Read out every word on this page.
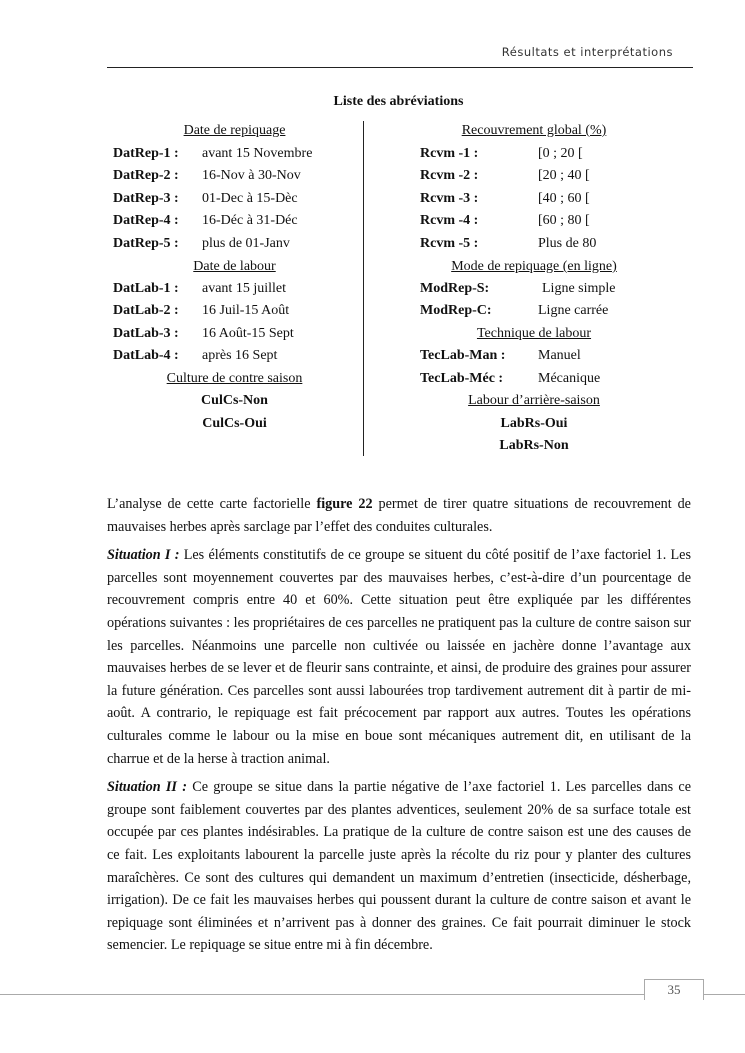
Résultats et interprétations
Liste des abréviations
Date de repiquage
DatRep-1 : avant 15 Novembre
DatRep-2 : 16-Nov à 30-Nov
DatRep-3 : 01-Dec à 15-Dèc
DatRep-4 : 16-Déc à 31-Déc
DatRep-5 : plus de 01-Janv
Date de labour
DatLab-1 : avant 15 juillet
DatLab-2 : 16 Juil-15 Août
DatLab-3 : 16 Août-15 Sept
DatLab-4 : après 16 Sept
Culture de contre saison
CulCs-Non
CulCs-Oui
Recouvrement global (%)
Rcvm -1 :	[0 ; 20 [
Rcvm -2 :	[20 ; 40 [
Rcvm -3 :	[40 ; 60 [
Rcvm -4 :	[60 ; 80 [
Rcvm -5 :	Plus de 80
Mode de repiquage (en ligne)
ModRep-S:	Ligne simple
ModRep-C:	Ligne carrée
Technique de labour
TecLab-Man : Manuel
TecLab-Méc : Mécanique
Labour d’arrière-saison
LabRs-Oui
LabRs-Non

L’analyse de cette carte factorielle figure 22 permet de tirer quatre situations de recouvrement de mauvaises herbes après sarclage par l’effet des conduites culturales.

Situation I : Les éléments constitutifs de ce groupe se situent du côté positif de l’axe factoriel 1. Les parcelles sont moyennement couvertes par des mauvaises herbes, c’est-à-dire d’un pourcentage de recouvrement compris entre 40 et 60%. Cette situation peut être expliquée par les différentes opérations suivantes : les propriétaires de ces parcelles ne pratiquent pas la culture de contre saison sur les parcelles. Néanmoins une parcelle non cultivée ou laissée en jachère donne l’avantage aux mauvaises herbes de se lever et de fleurir sans contrainte, et ainsi, de produire des graines pour assurer la future génération. Ces parcelles sont aussi labourées trop tardivement autrement dit à partir de mi-août. A contrario, le repiquage est fait précocement par rapport aux autres. Toutes les opérations culturales comme le labour ou la mise en boue sont mécaniques autrement dit, en utilisant de la charrue et de la herse à traction animal.

Situation II : Ce groupe se situe dans la partie négative de l’axe factoriel 1. Les parcelles dans ce groupe sont faiblement couvertes par des plantes adventices, seulement 20% de sa surface totale est occupée par ces plantes indésirables. La pratique de la culture de contre saison est une des causes de ce fait. Les exploitants labourent la parcelle juste après la récolte du riz pour y planter des cultures maraîchères. Ce sont des cultures qui demandent un maximum d’entretien (insecticide, désherbage, irrigation). De ce fait les mauvaises herbes qui poussent durant la culture de contre saison et avant le repiquage sont éliminées et n’arrivent pas à donner des graines. Ce fait pourrait diminuer le stock semencier. Le repiquage se situe entre mi à fin décembre.

35
